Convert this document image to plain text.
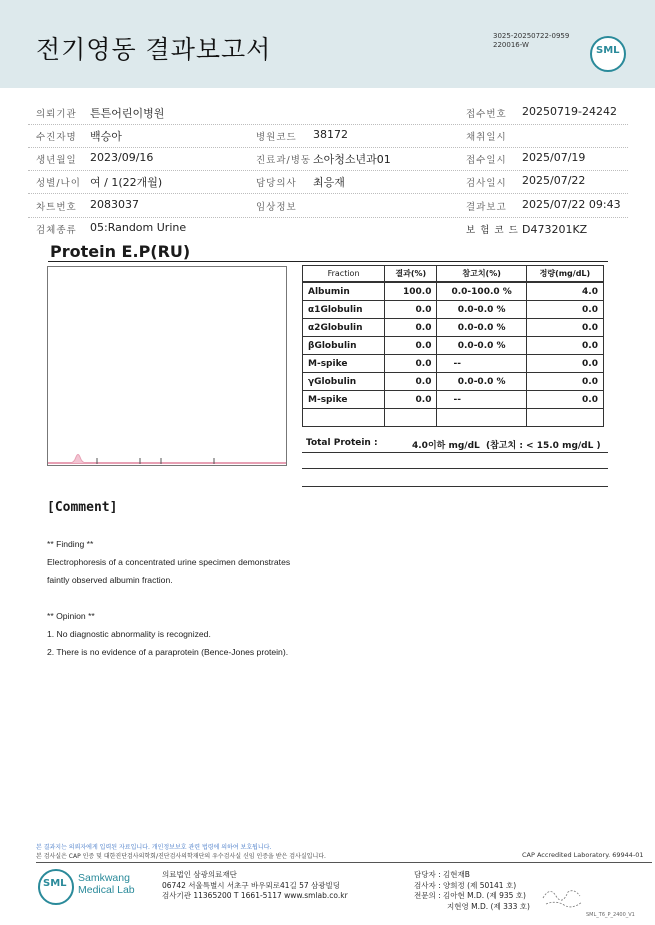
전기영동 결과보고서	3025-20250722-0959
220016-W	SML
의뢰기관 튼튼어린이병원	접수번호 20250719-24242
수진자명 백승아	병원코드 38172	채취일시
생년월일 2023/09/16	진료과/병동 소아청소년과01	접수일시 2025/07/19
성별/나이 여 / 1(22개월)	담당의사 최응재	검사일시 2025/07/22
차트번호 2083037	임상정보	결과보고 2025/07/22 09:43
검체종류 05:Random Urine	보 험 코 드 D473201KZ
Protein E.P(RU)
Fraction	결과(%)	참고치(%)	정량(mg/dL)
Albumin	100.0	0.0-100.0 %	4.0
α1Globulin	0.0	0.0-0.0 %	0.0
α2Globulin	0.0	0.0-0.0 %	0.0
βGlobulin	0.0	0.0-0.0 %	0.0
M-spike	0.0	--	0.0
γGlobulin	0.0	0.0-0.0 %	0.0
M-spike	0.0	--	0.0

Total Protein :	4.0이하 mg/dL (참고치 : < 15.0 mg/dL )
[Comment]
** Finding **
Electrophoresis of a concentrated urine specimen demonstrates
faintly observed albumin fraction.
** Opinion **
1. No diagnostic abnormality is recognized.
2. There is no evidence of a paraprotein (Bence-Jones protein).
본 결과지는 의뢰자에게 입력된 자료입니다. 개인정보보호 관련 법령에 의하여 보호됩니다.
본 검사실은 CAP 인증 및 대한진단검사의학회/진단검사의학재단의 우수검사실 신임 인증을 받은 검사실입니다.	CAP Accredited Laboratory. 69944-01
SML Samkwang
Medical Lab
의료법인 삼광의료재단
06742 서울특별시 서초구 바우뫼로41길 57 삼광빌딩
검사기관 11365200 T 1661-5117 www.smlab.co.kr
담당자 : 김현재B
검사자 : 양희정 (제 50141 호)
전문의 : 김아현 M.D. (제 935 호)
지현영 M.D. (제 333 호)
SML_T6_P_2400_V1
